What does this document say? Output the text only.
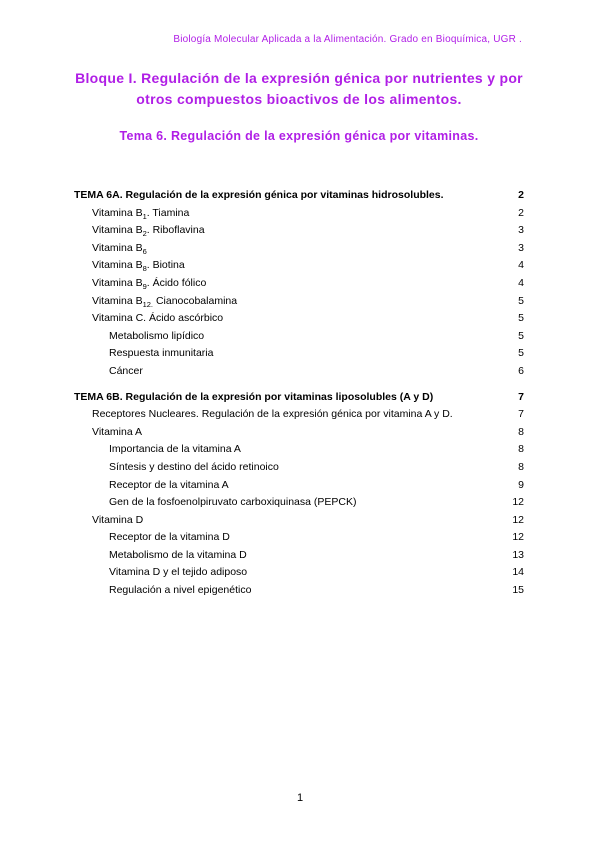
Biología Molecular Aplicada a la Alimentación. Grado en Bioquímica, UGR .
Bloque I. Regulación de la expresión génica por nutrientes y por otros compuestos bioactivos de los alimentos.
Tema 6. Regulación de la expresión génica por vitaminas.
TEMA 6A. Regulación de la expresión génica por vitaminas hidrosolubles.	2
Vitamina $B_1$. Tiamina	2
Vitamina $B_2$. Riboflavina	3
Vitamina $B_6$	3
Vitamina $B_8$. Biotina	4
Vitamina $B_9$. Ácido fólico	4
Vitamina $B_{12.}$ Cianocobalamina	5
Vitamina C. Ácido ascórbico	5
Metabolismo lipídico	5
Respuesta inmunitaria	5
Cáncer	6
TEMA 6B. Regulación de la expresión por vitaminas liposolubles (A y D)	7
Receptores Nucleares. Regulación de la expresión génica por vitamina A y D.	7
Vitamina A	8
Importancia de la vitamina A	8
Síntesis y destino del ácido retinoico	8
Receptor de la vitamina A	9
Gen de la fosfoenolpiruvato carboxiquinasa (PEPCK)	12
Vitamina D	12
Receptor de la vitamina D	12
Metabolismo de la vitamina D	13
Vitamina D y el tejido adiposo	14
Regulación a nivel epigenético	15
1
